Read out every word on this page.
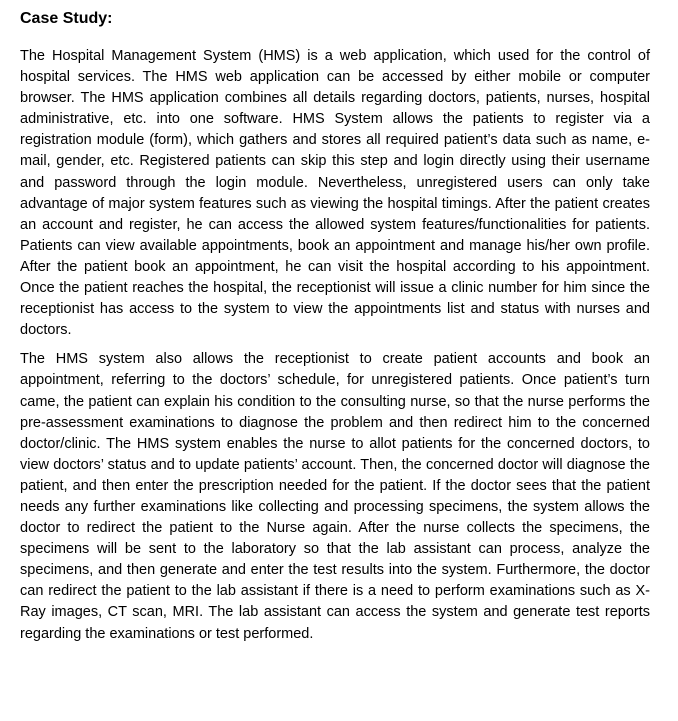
Case Study:

The Hospital Management System (HMS) is a web application, which used for the control of hospital services. The HMS web application can be accessed by either mobile or computer browser. The HMS application combines all details regarding doctors, patients, nurses, hospital administrative, etc. into one software. HMS System allows the patients to register via a registration module (form), which gathers and stores all required patient’s data such as name, e-mail, gender, etc. Registered patients can skip this step and login directly using their username and password through the login module. Nevertheless, unregistered users can only take advantage of major system features such as viewing the hospital timings. After the patient creates an account and register, he can access the allowed system features/functionalities for patients. Patients can view available appointments, book an appointment and manage his/her own profile. After the patient book an appointment, he can visit the hospital according to his appointment. Once the patient reaches the hospital, the receptionist will issue a clinic number for him since the receptionist has access to the system to view the appointments list and status with nurses and doctors.

The HMS system also allows the receptionist to create patient accounts and book an appointment, referring to the doctors’ schedule, for unregistered patients. Once patient’s turn came, the patient can explain his condition to the consulting nurse, so that the nurse performs the pre-assessment examinations to diagnose the problem and then redirect him to the concerned doctor/clinic. The HMS system enables the nurse to allot patients for the concerned doctors, to view doctors’ status and to update patients’ account. Then, the concerned doctor will diagnose the patient, and then enter the prescription needed for the patient. If the doctor sees that the patient needs any further examinations like collecting and processing specimens, the system allows the doctor to redirect the patient to the Nurse again. After the nurse collects the specimens, the specimens will be sent to the laboratory so that the lab assistant can process, analyze the specimens, and then generate and enter the test results into the system. Furthermore, the doctor can redirect the patient to the lab assistant if there is a need to perform examinations such as X-Ray images, CT scan, MRI. The lab assistant can access the system and generate test reports regarding the examinations or test performed.
